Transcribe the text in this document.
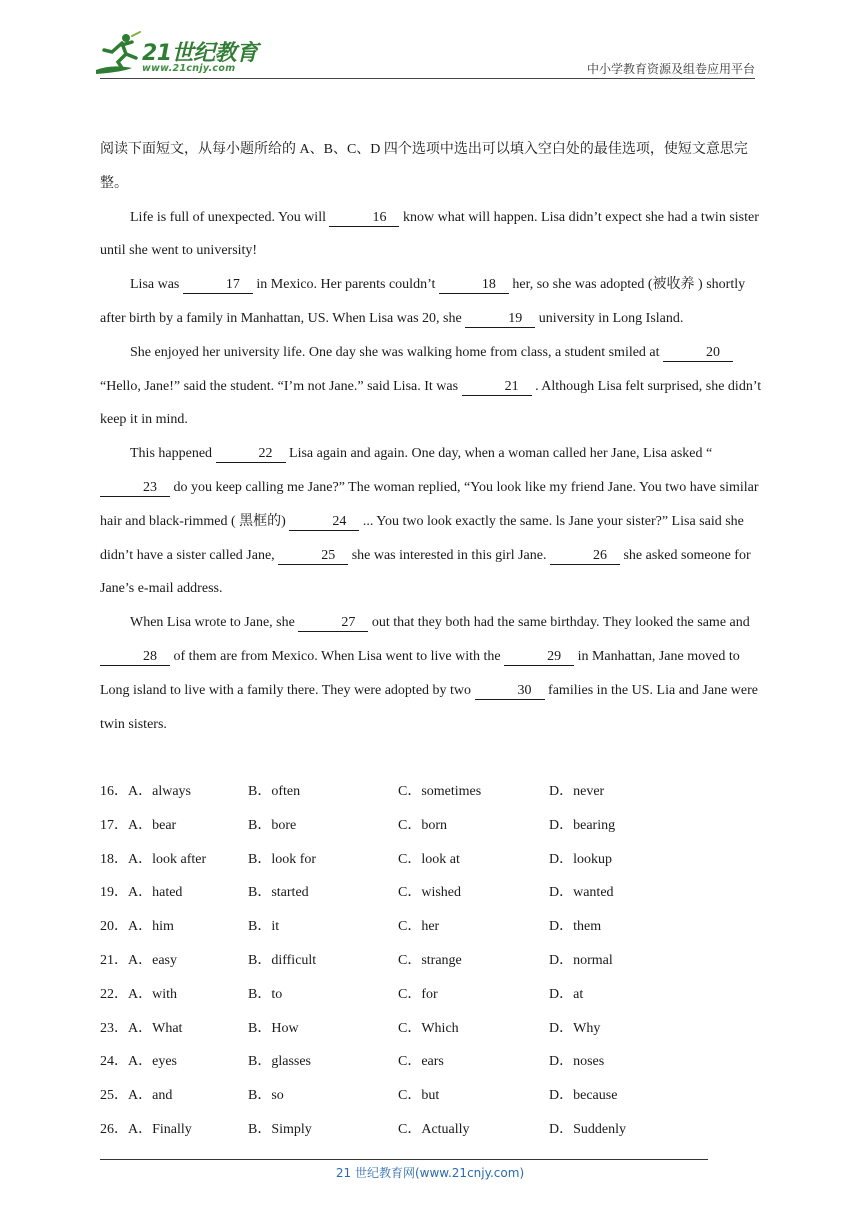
21世纪教育
www.21cnjy.com	中小学教育资源及组卷应用平台

阅读下面短文，从每小题所给的 A、B、C、D 四个选项中选出可以填入空白处的最佳选项，使短文意思完整。

Life is full of unexpected. You will	16 know what will happen. Lisa didn’t expect she had a twin sister until she went to university!

Lisa was	17 in Mexico. Her parents couldn’t	18 her, so she was adopted (被收养 ) shortly after birth by a family in Manhattan, US. When Lisa was 20, she	19 university in Long Island.

She enjoyed her university life. One day she was walking home from class, a student smiled at	20 “Hello, Jane!” said the student. “I’m not Jane.” said Lisa. It was	21 . Although Lisa felt surprised, she didn’t keep it in mind.

This happened	22 Lisa again and again. One day, when a woman called her Jane, Lisa asked “ 23 do you keep calling me Jane?” The woman replied, “You look like my friend Jane. You two have similar hair and black-rimmed ( 黑框的)	24 ... You two look exactly the same. ls Jane your sister?” Lisa said she didn’t have a sister called Jane,	25 she was interested in this girl Jane.	26 she asked someone for Jane’s e-mail address.

When Lisa wrote to Jane, she	27 out that they both had the same birthday. They looked the same and 28 of them are from Mexico. When Lisa went to live with the	29 in Manhattan, Jane moved to Long island to live with a family there. They were adopted by two	30 families in the US. Lia and Jane were twin sisters.

16．A．always	B．often	C．sometimes	D．never
17．A．bear	B．bore	C．born	D．bearing
18．A．look after	B．look for	C．look at	D．lookup
19．A．hated	B．started	C．wished	D．wanted
20．A．him	B．it	C．her	D．them
21．A．easy	B．difficult	C．strange	D．normal
22．A．with	B．to	C．for	D．at
23．A．What	B．How	C．Which	D．Why
24．A．eyes	B．glasses	C．ears	D．noses
25．A．and	B．so	C．but	D．because
26．A．Finally	B．Simply	C．Actually	D．Suddenly
21 世纪教育网(www.21cnjy.com)
